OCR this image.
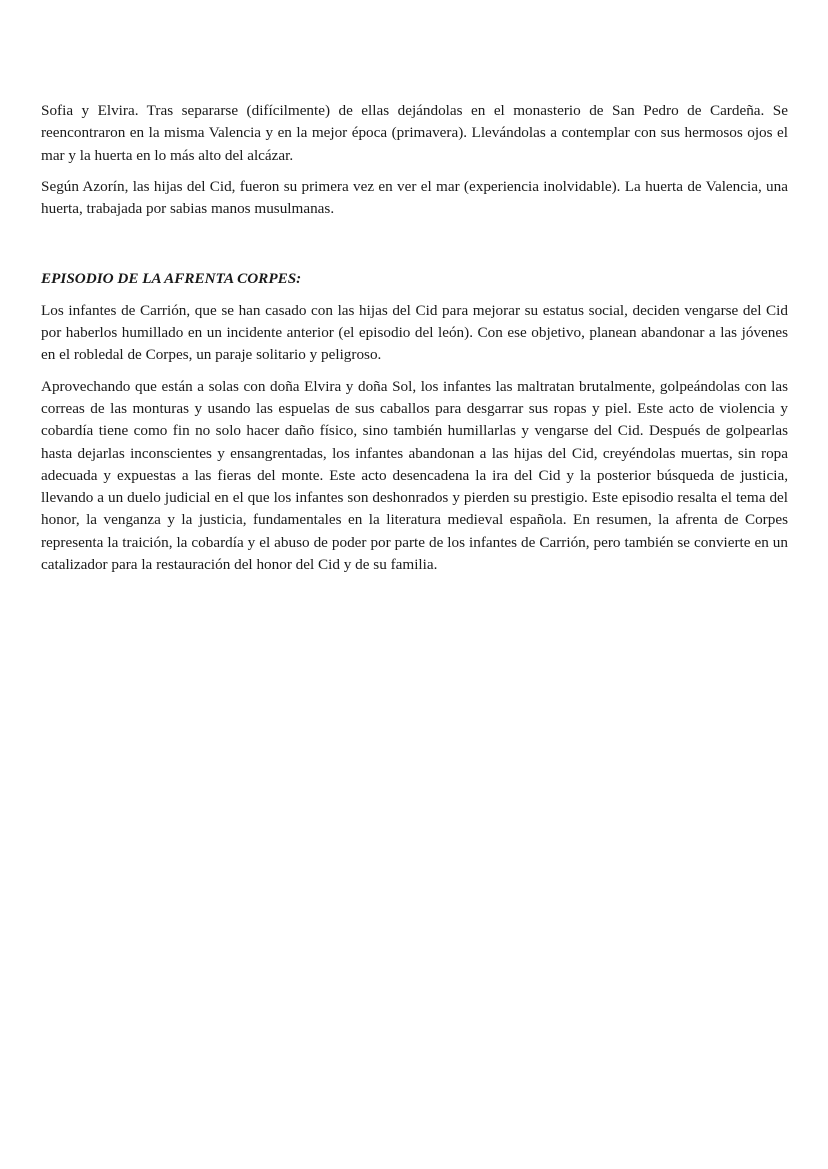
Sofia y Elvira. Tras separarse (difícilmente) de ellas dejándolas en el monasterio de San Pedro de Cardeña. Se reencontraron en la misma Valencia y en la mejor época (primavera). Llevándolas a contemplar con sus hermosos ojos el mar y la huerta en lo más alto del alcázar.

Según Azorín, las hijas del Cid, fueron su primera vez en ver el mar (experiencia inolvidable). La huerta de Valencia, una huerta, trabajada por sabias manos musulmanas.

EPISODIO DE LA AFRENTA CORPES:

Los infantes de Carrión, que se han casado con las hijas del Cid para mejorar su estatus social, deciden vengarse del Cid por haberlos humillado en un incidente anterior (el episodio del león). Con ese objetivo, planean abandonar a las jóvenes en el robledal de Corpes, un paraje solitario y peligroso.

Aprovechando que están a solas con doña Elvira y doña Sol, los infantes las maltratan brutalmente, golpeándolas con las correas de las monturas y usando las espuelas de sus caballos para desgarrar sus ropas y piel. Este acto de violencia y cobardía tiene como fin no solo hacer daño físico, sino también humillarlas y vengarse del Cid. Después de golpearlas hasta dejarlas inconscientes y ensangrentadas, los infantes abandonan a las hijas del Cid, creyéndolas muertas, sin ropa adecuada y expuestas a las fieras del monte. Este acto desencadena la ira del Cid y la posterior búsqueda de justicia, llevando a un duelo judicial en el que los infantes son deshonrados y pierden su prestigio. Este episodio resalta el tema del honor, la venganza y la justicia, fundamentales en la literatura medieval española. En resumen, la afrenta de Corpes representa la traición, la cobardía y el abuso de poder por parte de los infantes de Carrión, pero también se convierte en un catalizador para la restauración del honor del Cid y de su familia.
